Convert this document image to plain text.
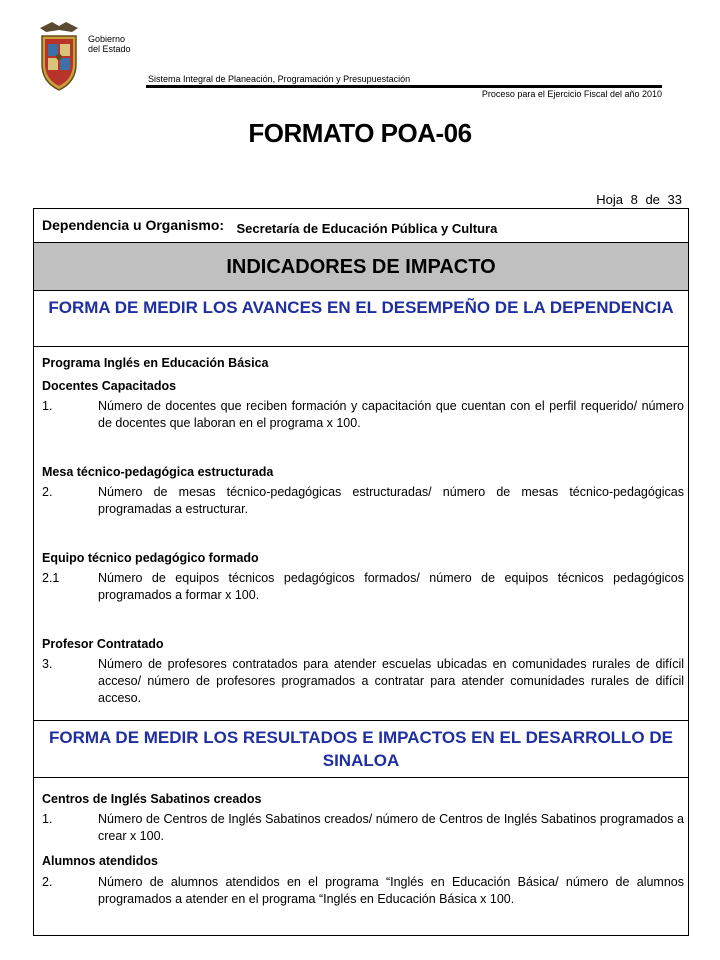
Gobierno
del Estado
Sistema Integral de Planeación, Programación y Presupuestación
Proceso para el Ejercicio Fiscal del año 2010
FORMATO POA-06
Hoja 8 de 33
Dependencia u Organismo: Secretaría de Educación Pública y Cultura
INDICADORES DE IMPACTO
FORMA DE MEDIR LOS AVANCES EN EL DESEMPEÑO DE LA DEPENDENCIA
Programa Inglés en Educación Básica
Docentes Capacitados
1.	Número de docentes que reciben formación y capacitación que cuentan con el perfil requerido/ número de docentes que laboran en el programa x 100.
Mesa técnico-pedagógica estructurada
2.	Número de mesas técnico-pedagógicas estructuradas/ número de mesas técnico-pedagógicas programadas a estructurar.
Equipo técnico pedagógico formado
2.1	Número de equipos técnicos pedagógicos formados/ número de equipos técnicos pedagógicos programados a formar x 100.
Profesor Contratado
3.	Número de profesores contratados para atender escuelas ubicadas en comunidades rurales de difícil acceso/ número de profesores programados a contratar para atender comunidades rurales de difícil acceso.
FORMA DE MEDIR LOS RESULTADOS E IMPACTOS EN EL DESARROLLO DE SINALOA
Centros de Inglés Sabatinos creados
1.	Número de Centros de Inglés Sabatinos creados/ número de Centros de Inglés Sabatinos programados a crear x 100.
Alumnos atendidos
2.	Número de alumnos atendidos en el programa “Inglés en Educación Básica/ número de alumnos programados a atender en el programa “Inglés en Educación Básica x 100.
